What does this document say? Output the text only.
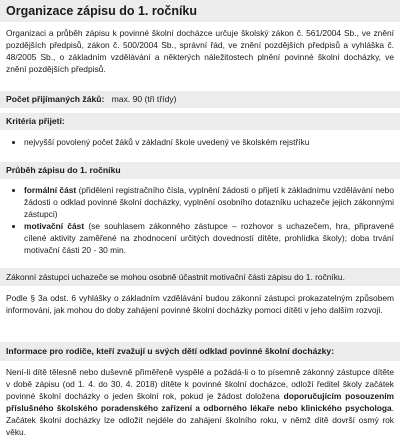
Organizace zápisu do 1. ročníku
Organizaci a průběh zápisu k povinné školní docházce určuje školský zákon č. 561/2004 Sb., ve znění pozdějších předpisů, zákon č. 500/2004 Sb., správní řád, ve znění pozdějších předpisů a vyhláška č. 48/2005 Sb., o základním vzdělávání a některých náležitostech plnění povinné školní docházky, ve znění pozdějších předpisů.
Počet přijímaných žáků: max. 90 (tři třídy)
Kritéria přijetí:
• nejvyšší povolený počet žáků v základní škole uvedený ve školském rejstříku
Průběh zápisu do 1. ročníku
• formální část (přidělení registračního čísla, vyplnění žádosti o přijetí k základnímu vzdělávání nebo žádosti o odklad povinné školní docházky, vyplnění osobního dotazníku uchazeče jejich zákonnými zástupci)
• motivační část (se souhlasem zákonného zástupce – rozhovor s uchazečem, hra, připravené cílené aktivity zaměřené na zhodnocení určitých dovedností dítěte, prohlídka školy); doba trvání motivační části 20 - 30 min.
Zákonní zástupci uchazeče se mohou osobně účastnit motivační části zápisu do 1. ročníku.
Podle § 3a odst. 6 vyhlášky o základním vzdělávání budou zákonní zástupci prokazatelným způsobem informováni, jak mohou do doby zahájení povinné školní docházky pomoci dítěti v jeho dalším rozvoji.
Informace pro rodiče, kteří zvažují u svých dětí odklad povinné školní docházky:
Není-li dítě tělesně nebo duševně přiměřeně vyspělé a požádá-li o to písemně zákonný zástupce dítěte v době zápisu (od 1. 4. do 30. 4. 2018) dítěte k povinné školní docházce, odloží ředitel školy začátek povinné školní docházky o jeden školní rok, pokud je žádost doložena doporučujícím posouzením příslušného školského poradenského zařízení a odborného lékaře nebo klinického psychologa. Začátek školní docházky lze odložit nejdéle do zahájení školního roku, v němž dítě dovrší osmý rok věku.
